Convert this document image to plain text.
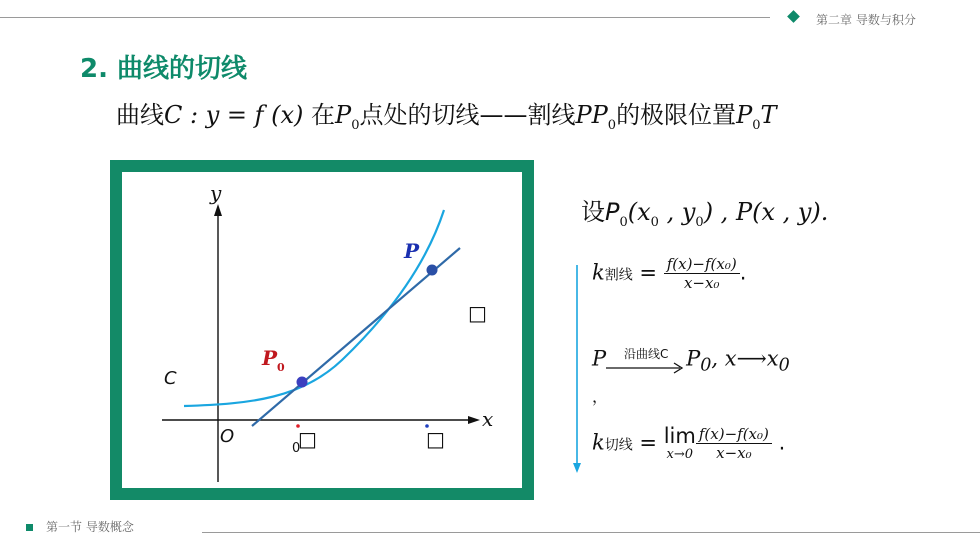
第二章 导数与积分
2. 曲线的切线
曲线C : y = f (x) 在$P_0$点处的切线——割线$PP_0$的极限位置$P_0T$
y
x
O
C
P
P 0
0
□	□
□
设$P_0(x_0$ , $y_0$) , P(x , y).
k割线 = $\frac{\text{f(x)−f(x₀)}}{\text{x−x₀}}$ .
P	沿曲线C $P_0$, $x⟶x_0$
，
k切线 = lim
$x\to 0 \frac{\text{f(x)−f(x₀)}}{\text{x−x₀}}$ .
第一节 导数概念
